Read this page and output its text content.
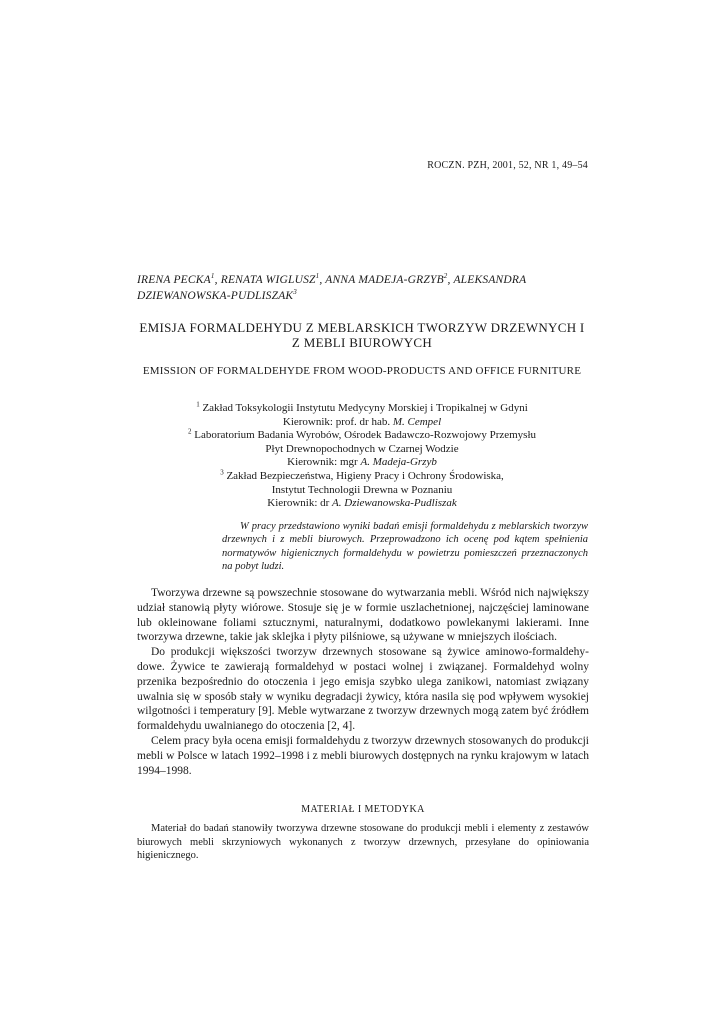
ROCZN. PZH, 2001, 52, NR 1, 49–54
IRENA PECKA$^1$, RENATA WIGLUSZ$^1$, ANNA MADEJA-GRZYB$^2$, ALEKSANDRA DZIEWANOWSKA-PUDLISZAK$^3$
EMISJA FORMALDEHYDU Z MEBLARSKICH TWORZYW DRZEWNYCH I Z MEBLI BIUROWYCH
EMISSION OF FORMALDEHYDE FROM WOOD-PRODUCTS AND OFFICE FURNITURE
$^1$ Zakład Toksykologii Instytutu Medycyny Morskiej i Tropikalnej w Gdyni
Kierownik: prof. dr hab. M. Cempel
$^2$ Laboratorium Badania Wyrobów, Ośrodek Badawczo-Rozwojowy Przemysłu
Płyt Drewnopochodnych w Czarnej Wodzie
Kierownik: mgr A. Madeja-Grzyb
$^3$ Zakład Bezpieczeństwa, Higieny Pracy i Ochrony Środowiska,
Instytut Technologii Drewna w Poznaniu
Kierownik: dr A. Dziewanowska-Pudliszak
W pracy przedstawiono wyniki badań emisji formaldehydu z meblarskich tworzyw drzewnych i z mebli biurowych. Przeprowadzono ich ocenę pod kątem spełnienia normatywów higienicznych formaldehydu w powietrzu pomieszczeń przeznaczonych na pobyt ludzi.

Tworzywa drzewne są powszechnie stosowane do wytwarzania mebli. Wśród nich największy udział stanowią płyty wiórowe. Stosuje się je w formie uszlachetnionej, najczęściej laminowane lub okleinowane foliami sztucznymi, naturalnymi, dodatkowo powlekanymi lakierami. Inne tworzywa drzewne, takie jak sklejka i płyty pilśniowe, są używane w mniejszych ilościach.

Do produkcji większości tworzyw drzewnych stosowane są żywice aminowo-formaldehy-dowe. Żywice te zawierają formaldehyd w postaci wolnej i związanej. Formaldehyd wolny przenika bezpośrednio do otoczenia i jego emisja szybko ulega zanikowi, natomiast związany uwalnia się w sposób stały w wyniku degradacji żywicy, która nasila się pod wpływem wysokiej wilgotności i temperatury [9]. Meble wytwarzane z tworzyw drzewnych mogą zatem być źródłem formaldehydu uwalnianego do otoczenia [2, 4].

Celem pracy była ocena emisji formaldehydu z tworzyw drzewnych stosowanych do produkcji mebli w Polsce w latach 1992–1998 i z mebli biurowych dostępnych na rynku krajowym w latach 1994–1998.

MATERIAŁ I METODYKA
Materiał do badań stanowiły tworzywa drzewne stosowane do produkcji mebli i elementy z zestawów biurowych mebli skrzyniowych wykonanych z tworzyw drzewnych, przesyłane do opiniowania higienicznego.
